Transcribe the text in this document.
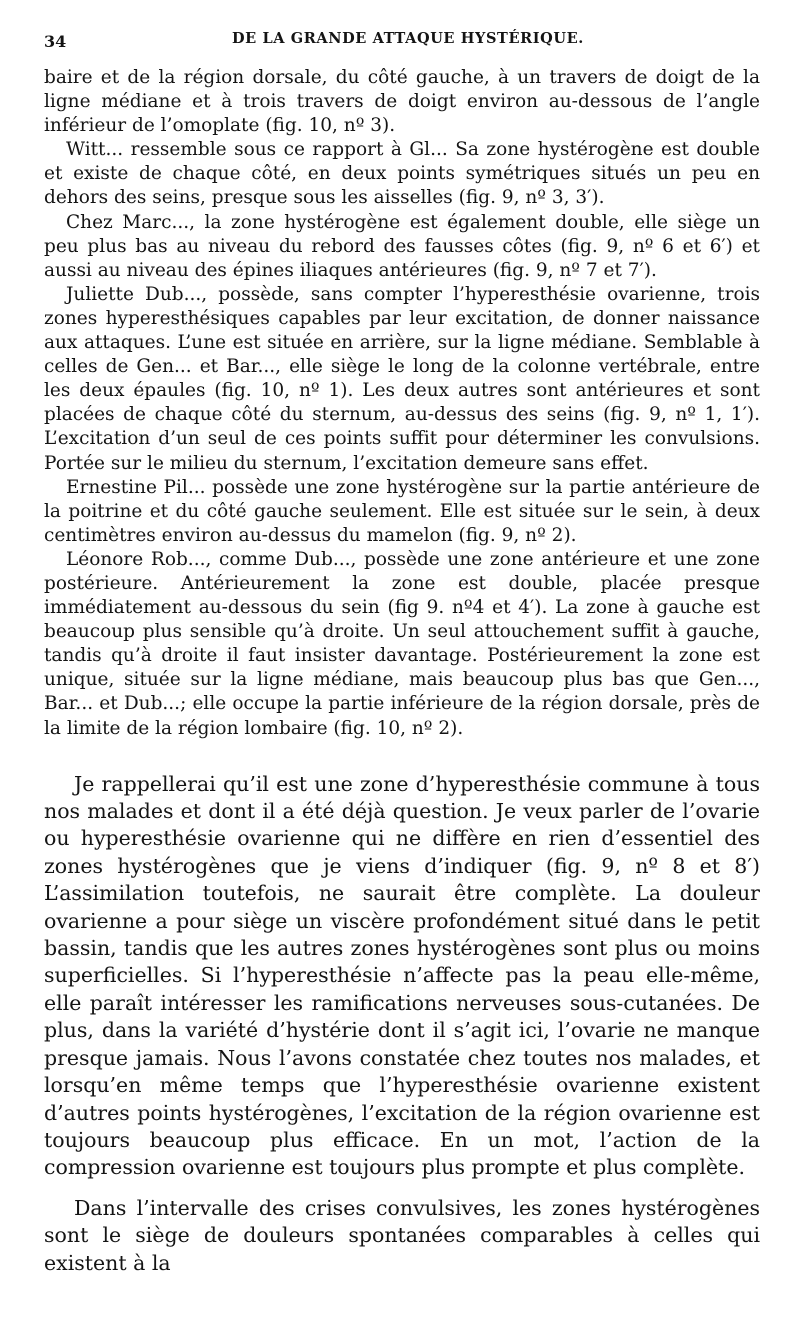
34	DE LA GRANDE ATTAQUE HYSTÉRIQUE.

baire et de la région dorsale, du côté gauche, à un travers de doigt de la ligne médiane et à trois travers de doigt environ au-dessous de l’angle inférieur de l’omoplate (fig. 10, nº 3).

Witt... ressemble sous ce rapport à Gl... Sa zone hystérogène est double et existe de chaque côté, en deux points symétriques situés un peu en dehors des seins, presque sous les aisselles (fig. 9, nº 3, 3′).

Chez Marc..., la zone hystérogène est également double, elle siège un peu plus bas au niveau du rebord des fausses côtes (fig. 9, nº 6 et 6′) et aussi au niveau des épines iliaques antérieures (fig. 9, nº 7 et 7′).

Juliette Dub..., possède, sans compter l’hyperesthésie ovarienne, trois zones hyperesthésiques capables par leur excitation, de donner naissance aux attaques. L’une est située en arrière, sur la ligne médiane. Semblable à celles de Gen... et Bar..., elle siège le long de la colonne vertébrale, entre les deux épaules (fig. 10, nº 1). Les deux autres sont antérieures et sont placées de chaque côté du sternum, au-dessus des seins (fig. 9, nº 1, 1′). L’excitation d’un seul de ces points suffit pour déterminer les convulsions. Portée sur le milieu du sternum, l’excitation demeure sans effet.

Ernestine Pil... possède une zone hystérogène sur la partie antérieure de la poitrine et du côté gauche seulement. Elle est située sur le sein, à deux centimètres environ au-dessus du mamelon (fig. 9, nº 2).

Léonore Rob..., comme Dub..., possède une zone antérieure et une zone postérieure. Antérieurement la zone est double, placée presque immédiatement au-dessous du sein (fig 9. nº4 et 4′). La zone à gauche est beaucoup plus sensible qu’à droite. Un seul attouchement suffit à gauche, tandis qu’à droite il faut insister davantage. Postérieurement la zone est unique, située sur la ligne médiane, mais beaucoup plus bas que Gen..., Bar... et Dub...; elle occupe la partie inférieure de la région dorsale, près de la limite de la région lombaire (fig. 10, nº 2).

Je rappellerai qu’il est une zone d’hyperesthésie commune à tous nos malades et dont il a été déjà question. Je veux parler de l’ovarie ou hyperesthésie ovarienne qui ne diffère en rien d’essentiel des zones hystérogènes que je viens d’indiquer (fig. 9, nº 8 et 8′) L’assimilation toutefois, ne saurait être complète. La douleur ovarienne a pour siège un viscère profondément situé dans le petit bassin, tandis que les autres zones hystérogènes sont plus ou moins superficielles. Si l’hyperesthésie n’affecte pas la peau elle-même, elle paraît intéresser les ramifications nerveuses sous-cutanées. De plus, dans la variété d’hystérie dont il s’agit ici, l’ovarie ne manque presque jamais. Nous l’avons constatée chez toutes nos malades, et lorsqu’en même temps que l’hyperesthésie ovarienne existent d’autres points hystérogènes, l’excitation de la région ovarienne est toujours beaucoup plus efficace. En un mot, l’action de la compression ovarienne est toujours plus prompte et plus complète.

Dans l’intervalle des crises convulsives, les zones hystérogènes sont le siège de douleurs spontanées comparables à celles qui existent à la
